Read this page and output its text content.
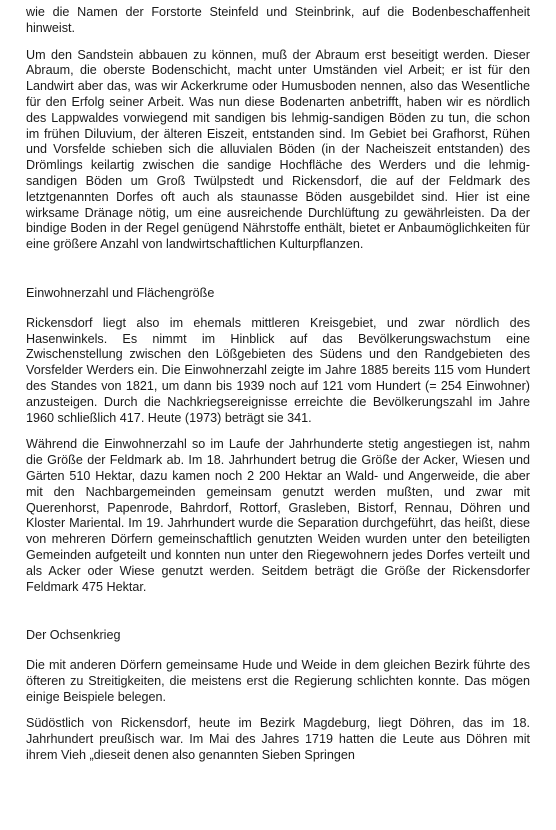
wie die Namen der Forstorte Steinfeld und Steinbrink, auf die Bodenbeschaffenheit hinweist.

Um den Sandstein abbauen zu können, muß der Abraum erst beseitigt werden. Dieser Abraum, die oberste Bodenschicht, macht unter Umständen viel Arbeit; er ist für den Landwirt aber das, was wir Ackerkrume oder Humusboden nennen, also das Wesentliche für den Erfolg seiner Arbeit. Was nun diese Bodenarten anbetrifft, haben wir es nördlich des Lappwaldes vorwiegend mit sandigen bis lehmig-sandigen Böden zu tun, die schon im frühen Diluvium, der älteren Eiszeit, entstanden sind. Im Gebiet bei Grafhorst, Rühen und Vorsfelde schieben sich die alluvialen Böden (in der Nacheiszeit entstanden) des Drömlings keilartig zwischen die sandige Hochfläche des Werders und die lehmig-sandigen Böden um Groß Twülpstedt und Rickensdorf, die auf der Feldmark des letztgenannten Dorfes oft auch als staunasse Böden ausgebildet sind. Hier ist eine wirksame Dränage nötig, um eine ausreichende Durchlüftung zu gewährleisten. Da der bindige Boden in der Regel genügend Nährstoffe enthält, bietet er Anbaumöglichkeiten für eine größere Anzahl von landwirtschaftlichen Kulturpflanzen.

Einwohnerzahl und Flächengröße

Rickensdorf liegt also im ehemals mittleren Kreisgebiet, und zwar nördlich des Hasenwinkels. Es nimmt im Hinblick auf das Bevölkerungswachstum eine Zwischenstellung zwischen den Lößgebieten des Südens und den Randgebieten des Vorsfelder Werders ein. Die Einwohnerzahl zeigte im Jahre 1885 bereits 115 vom Hundert des Standes von 1821, um dann bis 1939 noch auf 121 vom Hundert (= 254 Einwohner) anzusteigen. Durch die Nachkriegsereignisse erreichte die Bevölkerungszahl im Jahre 1960 schließlich 417. Heute (1973) beträgt sie 341.

Während die Einwohnerzahl so im Laufe der Jahrhunderte stetig angestiegen ist, nahm die Größe der Feldmark ab. Im 18. Jahrhundert betrug die Größe der Acker, Wiesen und Gärten 510 Hektar, dazu kamen noch 2 200 Hektar an Wald- und Angerweide, die aber mit den Nachbargemeinden gemeinsam genutzt werden mußten, und zwar mit Querenhorst, Papenrode, Bahrdorf, Rottorf, Grasleben, Bistorf, Rennau, Döhren und Kloster Mariental. Im 19. Jahrhundert wurde die Separation durchgeführt, das heißt, diese von mehreren Dörfern gemeinschaftlich genutzten Weiden wurden unter den beteiligten Gemeinden aufgeteilt und konnten nun unter den Riegewohnern jedes Dorfes verteilt und als Acker oder Wiese genutzt werden. Seitdem beträgt die Größe der Rickensdorfer Feldmark 475 Hektar.

Der Ochsenkrieg

Die mit anderen Dörfern gemeinsame Hude und Weide in dem gleichen Bezirk führte des öfteren zu Streitigkeiten, die meistens erst die Regierung schlichten konnte. Das mögen einige Beispiele belegen.

Südöstlich von Rickensdorf, heute im Bezirk Magdeburg, liegt Döhren, das im 18. Jahrhundert preußisch war. Im Mai des Jahres 1719 hatten die Leute aus Döhren mit ihrem Vieh „dieseit denen also genannten Sieben Springen
